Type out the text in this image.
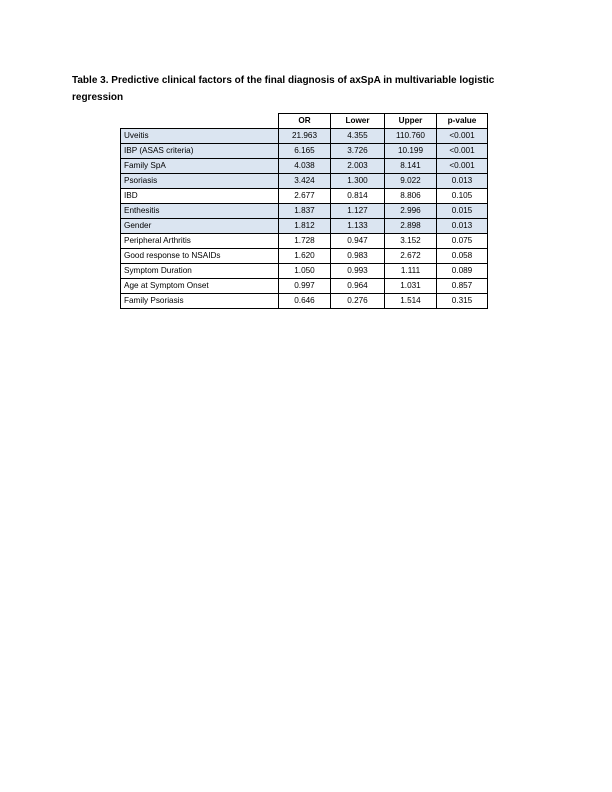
Table 3. Predictive clinical factors of the final diagnosis of axSpA in multivariable logistic regression

	OR	Lower	Upper	p-value
Uveitis	21.963	4.355	110.760	<0.001
IBP (ASAS criteria)	6.165	3.726	10.199	<0.001
Family SpA	4.038	2.003	8.141	<0.001
Psoriasis	3.424	1.300	9.022	0.013
IBD	2.677	0.814	8.806	0.105
Enthesitis	1.837	1.127	2.996	0.015
Gender	1.812	1.133	2.898	0.013
Peripheral Arthritis	1.728	0.947	3.152	0.075
Good response to NSAIDs	1.620	0.983	2.672	0.058
Symptom Duration	1.050	0.993	1.111	0.089
Age at Symptom Onset	0.997	0.964	1.031	0.857
Family Psoriasis	0.646	0.276	1.514	0.315
